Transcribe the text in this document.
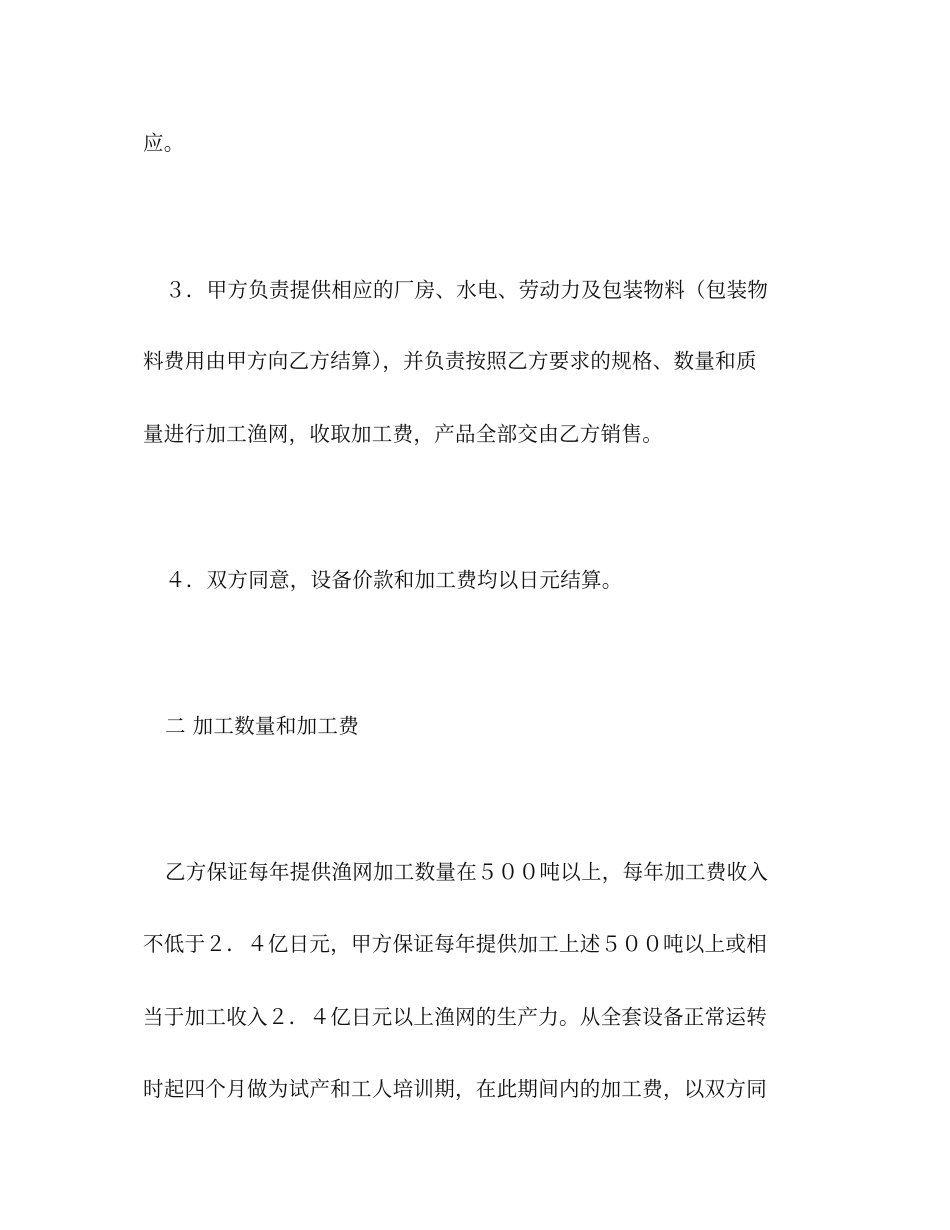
应。
３．甲方负责提供相应的厂房、水电、劳动力及包装物料（包装物
料费用由甲方向乙方结算），并负责按照乙方要求的规格、数量和质
量进行加工渔网，收取加工费，产品全部交由乙方销售。
４．双方同意，设备价款和加工费均以日元结算。
二 加工数量和加工费
乙方保证每年提供渔网加工数量在５００吨以上，每年加工费收入
不低于２．４亿日元，甲方保证每年提供加工上述５００吨以上或相
当于加工收入２．４亿日元以上渔网的生产力。从全套设备正常运转
时起四个月做为试产和工人培训期，在此期间内的加工费，以双方同
